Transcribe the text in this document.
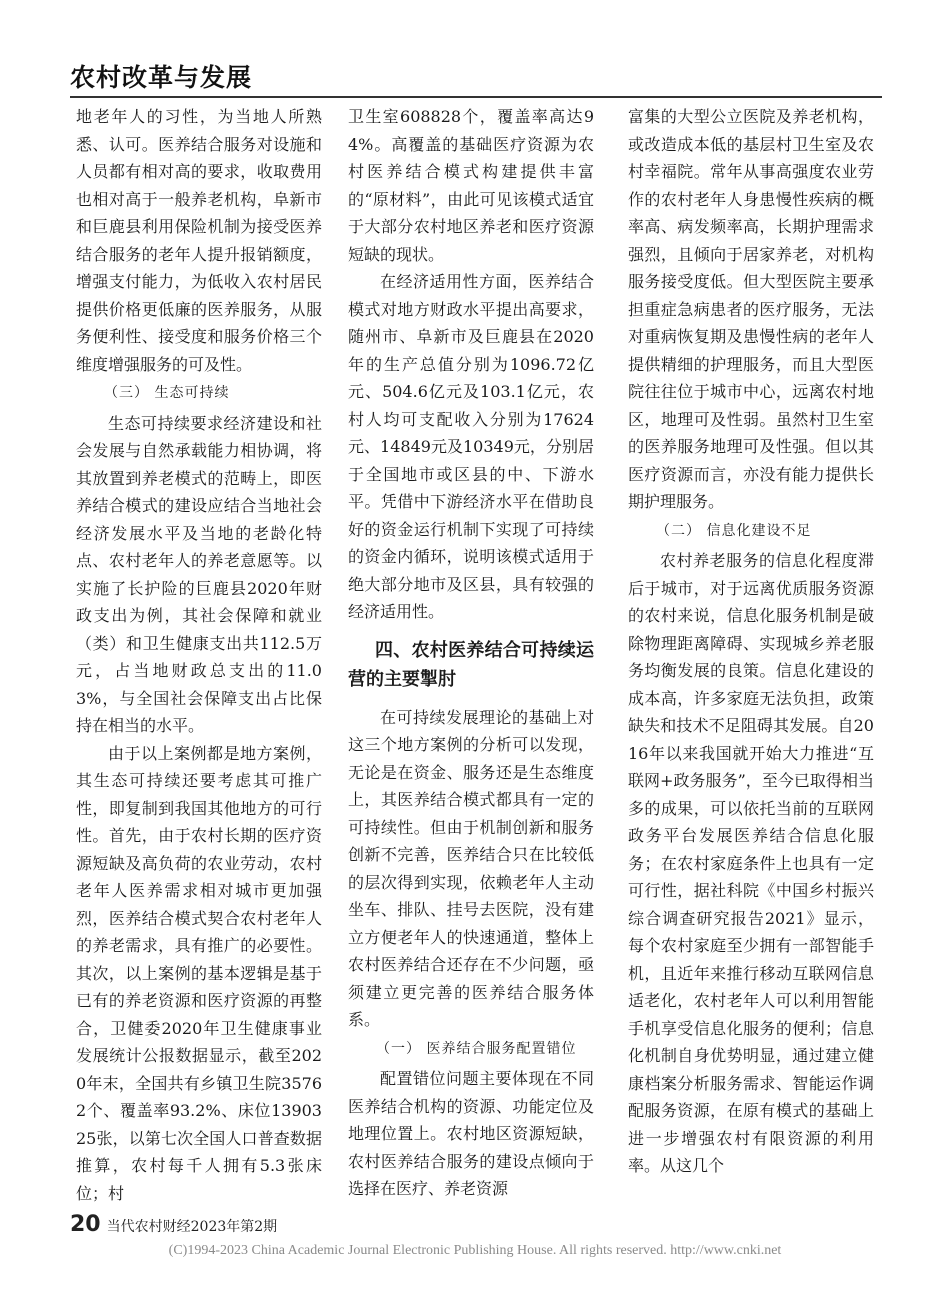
农村改革与发展

地老年人的习性，为当地人所熟悉、认可。医养结合服务对设施和人员都有相对高的要求，收取费用也相对高于一般养老机构，阜新市和巨鹿县利用保险机制为接受医养结合服务的老年人提升报销额度，增强支付能力，为低收入农村居民提供价格更低廉的医养服务，从服务便利性、接受度和服务价格三个维度增强服务的可及性。

（三） 生态可持续

生态可持续要求经济建设和社会发展与自然承载能力相协调，将其放置到养老模式的范畴上，即医养结合模式的建设应结合当地社会经济发展水平及当地的老龄化特点、农村老年人的养老意愿等。以实施了长护险的巨鹿县2020年财政支出为例，其社会保障和就业（类）和卫生健康支出共112.5万元，占当地财政总支出的11.03%，与全国社会保障支出占比保持在相当的水平。

由于以上案例都是地方案例，其生态可持续还要考虑其可推广性，即复制到我国其他地方的可行性。首先，由于农村长期的医疗资源短缺及高负荷的农业劳动，农村老年人医养需求相对城市更加强烈，医养结合模式契合农村老年人的养老需求，具有推广的必要性。其次，以上案例的基本逻辑是基于已有的养老资源和医疗资源的再整合，卫健委2020年卫生健康事业发展统计公报数据显示，截至2020年末，全国共有乡镇卫生院35762个、覆盖率93.2%、床位1390325张，以第七次全国人口普查数据推算，农村每千人拥有5.3张床位；村

卫生室608828个，覆盖率高达94%。高覆盖的基础医疗资源为农村医养结合模式构建提供丰富的“原材料”，由此可见该模式适宜于大部分农村地区养老和医疗资源短缺的现状。

在经济适用性方面，医养结合模式对地方财政水平提出高要求，随州市、阜新市及巨鹿县在2020年的生产总值分别为1096.72亿元、504.6亿元及103.1亿元，农村人均可支配收入分别为17624元、14849元及10349元，分别居于全国地市或区县的中、下游水平。凭借中下游经济水平在借助良好的资金运行机制下实现了可持续的资金内循环，说明该模式适用于绝大部分地市及区县，具有较强的经济适用性。

四、农村医养结合可持续运营的主要掣肘

在可持续发展理论的基础上对这三个地方案例的分析可以发现，无论是在资金、服务还是生态维度上，其医养结合模式都具有一定的可持续性。但由于机制创新和服务创新不完善，医养结合只在比较低的层次得到实现，依赖老年人主动坐车、排队、挂号去医院，没有建立方便老年人的快速通道，整体上农村医养结合还存在不少问题，亟须建立更完善的医养结合服务体系。

（一） 医养结合服务配置错位

配置错位问题主要体现在不同医养结合机构的资源、功能定位及地理位置上。农村地区资源短缺，农村医养结合服务的建设点倾向于选择在医疗、养老资源

富集的大型公立医院及养老机构，或改造成本低的基层村卫生室及农村幸福院。常年从事高强度农业劳作的农村老年人身患慢性疾病的概率高、病发频率高，长期护理需求强烈，且倾向于居家养老，对机构服务接受度低。但大型医院主要承担重症急病患者的医疗服务，无法对重病恢复期及患慢性病的老年人提供精细的护理服务，而且大型医院往往位于城市中心，远离农村地区，地理可及性弱。虽然村卫生室的医养服务地理可及性强。但以其医疗资源而言，亦没有能力提供长期护理服务。

（二） 信息化建设不足

农村养老服务的信息化程度滞后于城市，对于远离优质服务资源的农村来说，信息化服务机制是破除物理距离障碍、实现城乡养老服务均衡发展的良策。信息化建设的成本高，许多家庭无法负担，政策缺失和技术不足阻碍其发展。自2016年以来我国就开始大力推进“互联网+政务服务”，至今已取得相当多的成果，可以依托当前的互联网政务平台发展医养结合信息化服务；在农村家庭条件上也具有一定可行性，据社科院《中国乡村振兴综合调查研究报告2021》显示，每个农村家庭至少拥有一部智能手机，且近年来推行移动互联网信息适老化，农村老年人可以利用智能手机享受信息化服务的便利；信息化机制自身优势明显，通过建立健康档案分析服务需求、智能运作调配服务资源，在原有模式的基础上进一步增强农村有限资源的利用率。从这几个

20 当代农村财经2023年第2期
(C)1994-2023 China Academic Journal Electronic Publishing House. All rights reserved. http://www.cnki.net
